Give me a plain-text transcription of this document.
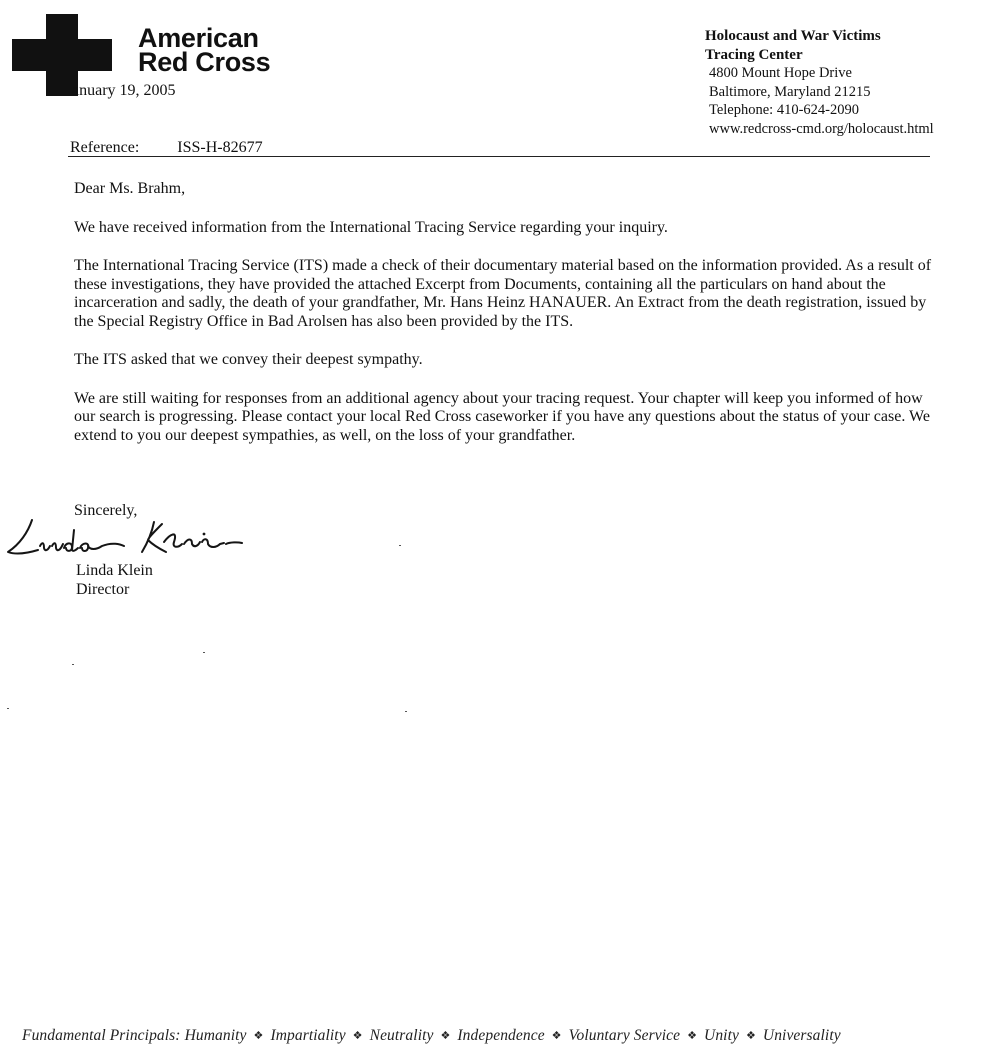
American
Red Cross
anuary 19, 2005
Holocaust and War Victims
Tracing Center
4800 Mount Hope Drive
Baltimore, Maryland 21215
Telephone: 410-624-2090
www.redcross-cmd.org/holocaust.html
Reference: ISS-H-82677

Dear Ms. Brahm,

We have received information from the International Tracing Service regarding your inquiry.

The International Tracing Service (ITS) made a check of their documentary material based on the information provided. As a result of these investigations, they have provided the attached Excerpt from Documents, containing all the particulars on hand about the incarceration and sadly, the death of your grandfather, Mr. Hans Heinz HANAUER. An Extract from the death registration, issued by the Special Registry Office in Bad Arolsen has also been provided by the ITS.

The ITS asked that we convey their deepest sympathy.

We are still waiting for responses from an additional agency about your tracing request. Your chapter will keep you informed of how our search is progressing. Please contact your local Red Cross caseworker if you have any questions about the status of your case. We extend to you our deepest sympathies, as well, on the loss of your grandfather.

Sincerely,
Linda Klein
Director
Fundamental Principals: Humanity ❖ Impartiality ❖ Neutrality ❖ Independence ❖ Voluntary Service ❖ Unity ❖ Universality
